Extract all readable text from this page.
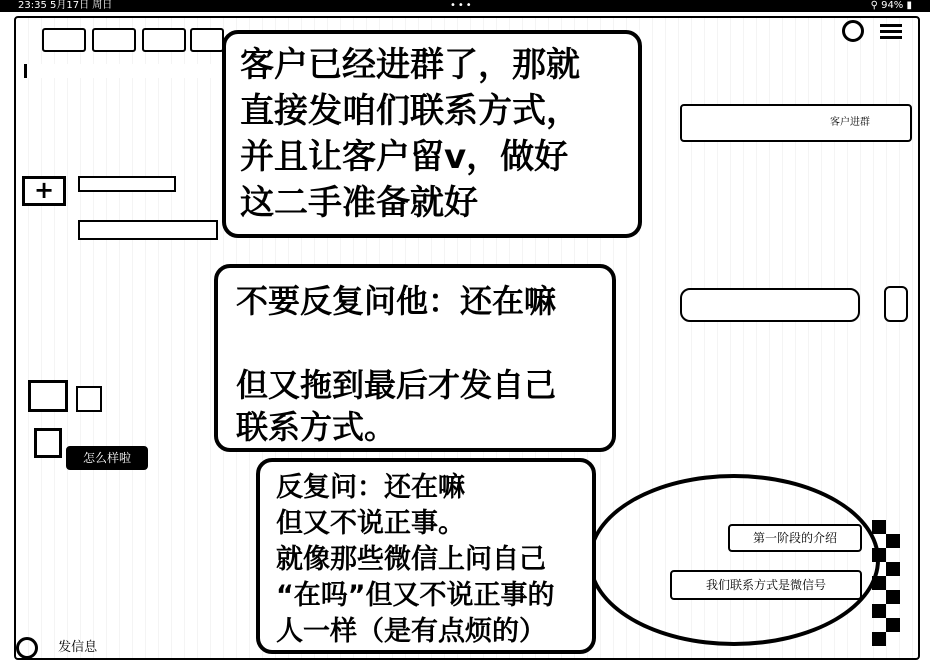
23:35 5月17日 周日	•••	⚲ 94% ▮
+
怎么样啦
客户进群
第一阶段的介绍
我们联系方式是微信号
发信息

客户已经进群了，那就
直接发咱们联系方式，
并且让客户留v，做好
这二手准备就好

不要反复问他：还在嘛

但又拖到最后才发自己
联系方式。

反复问：还在嘛
但又不说正事。
就像那些微信上问自己
“在吗”但又不说正事的
人一样（是有点烦的）
